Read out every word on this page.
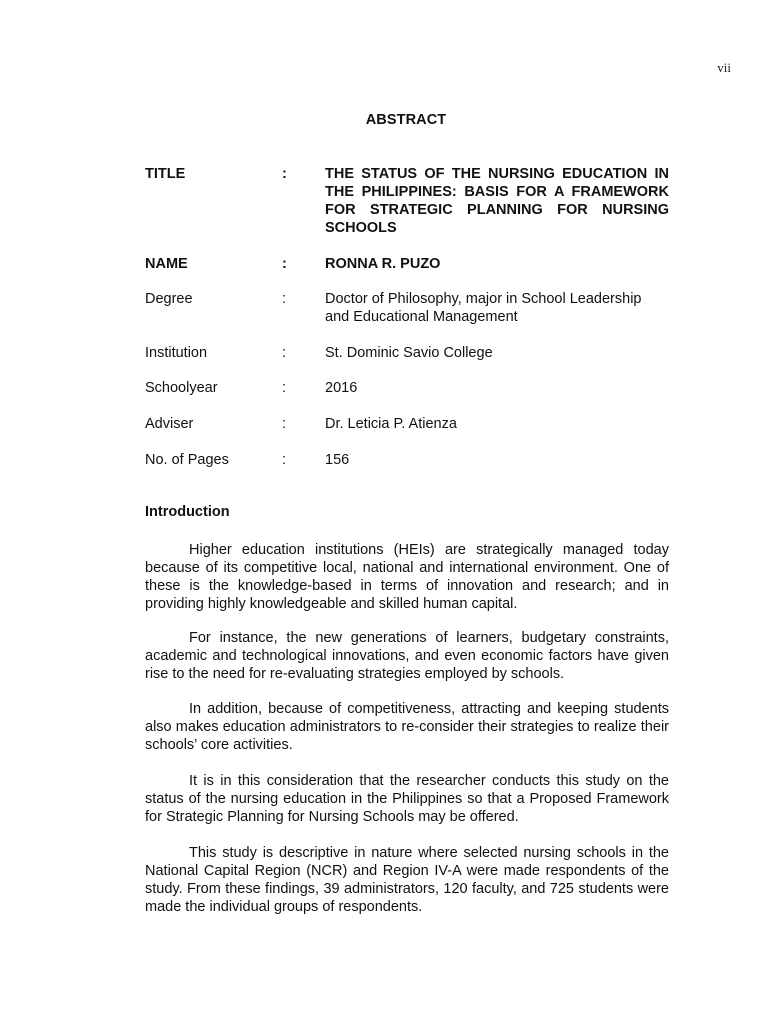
vii
ABSTRACT
TITLE	:	THE STATUS OF THE NURSING EDUCATION IN THE PHILIPPINES: BASIS FOR A FRAMEWORK FOR STRATEGIC PLANNING FOR NURSING SCHOOLS
NAME	:	RONNA R. PUZO
Degree	:	Doctor of Philosophy, major in School Leadership and Educational Management
Institution	:	St. Dominic Savio College
Schoolyear	:	2016
Adviser	:	Dr. Leticia P. Atienza
No. of Pages	:	156
Introduction

Higher education institutions (HEIs) are strategically managed today because of its competitive local, national and international environment. One of these is the knowledge-based in terms of innovation and research; and in providing highly knowledgeable and skilled human capital.

For instance, the new generations of learners, budgetary constraints, academic and technological innovations, and even economic factors have given rise to the need for re-evaluating strategies employed by schools.

In addition, because of competitiveness, attracting and keeping students also makes education administrators to re-consider their strategies to realize their schools’ core activities.

It is in this consideration that the researcher conducts this study on the status of the nursing education in the Philippines so that a Proposed Framework for Strategic Planning for Nursing Schools may be offered.

This study is descriptive in nature where selected nursing schools in the National Capital Region (NCR) and Region IV-A were made respondents of the study. From these findings, 39 administrators, 120 faculty, and 725 students were made the individual groups of respondents.
